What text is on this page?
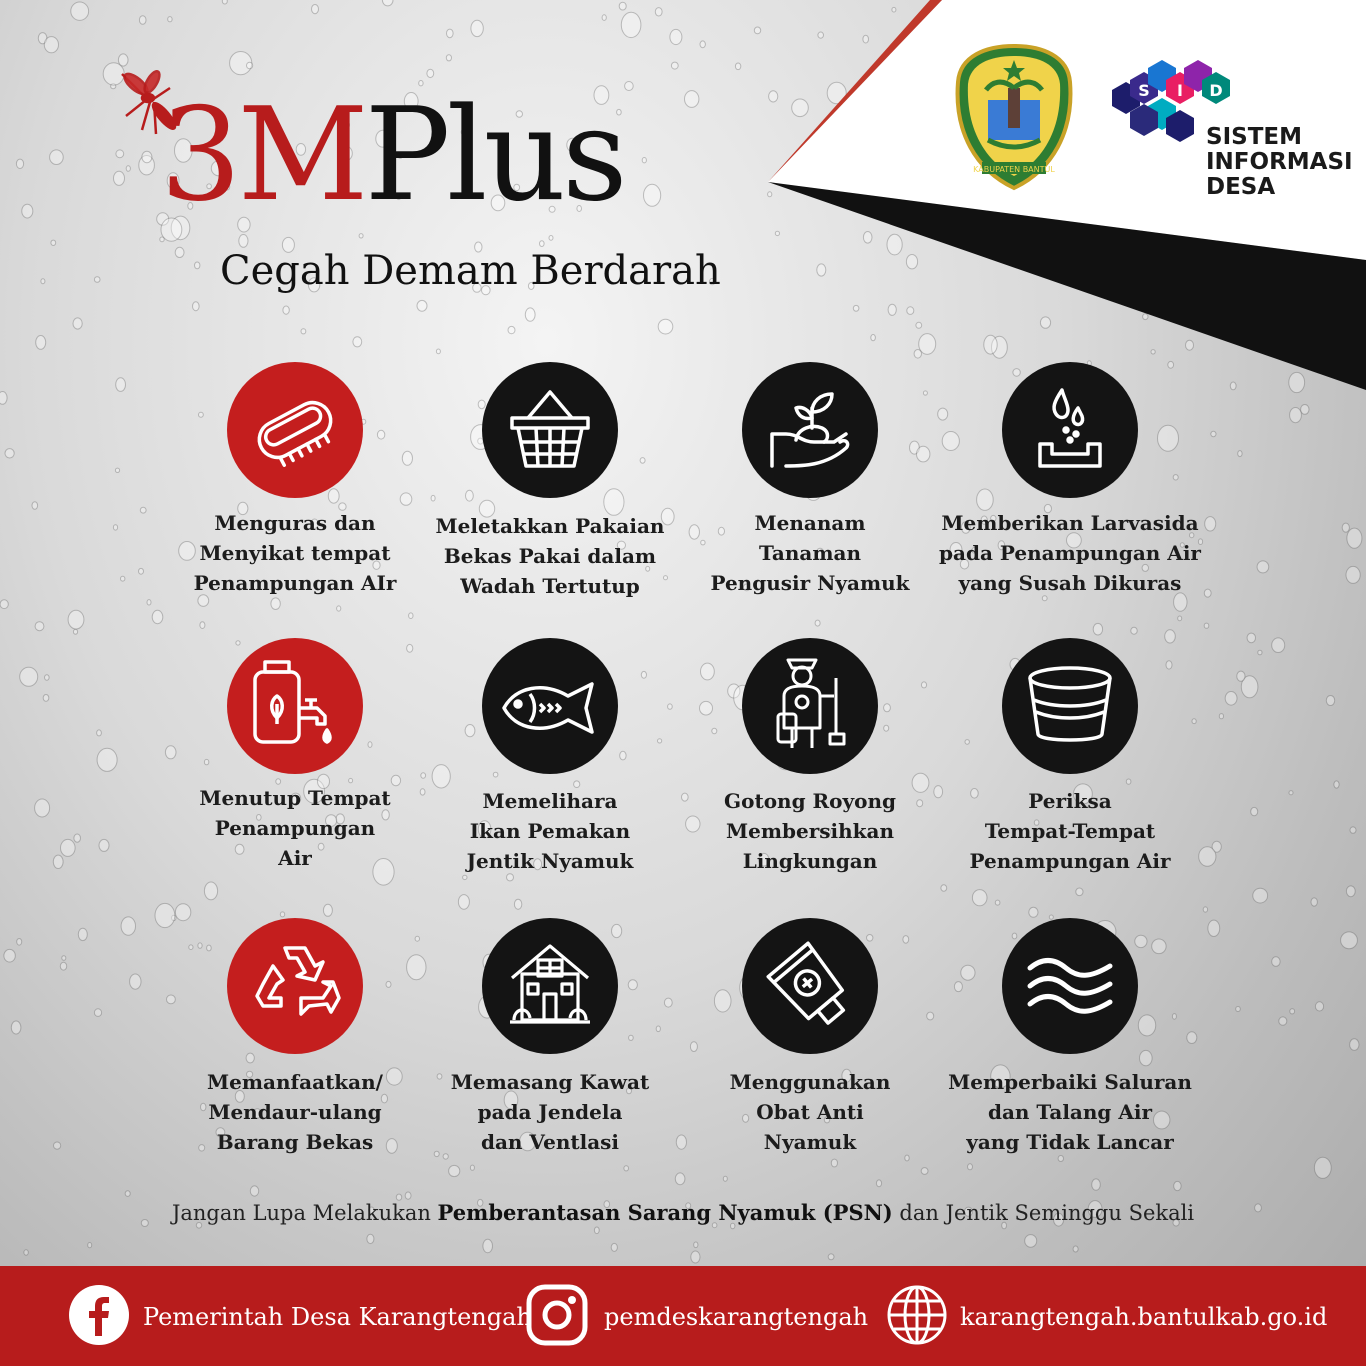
3MPlus
Cegah Demam Berdarah
KABUPATEN BANTUL
S I D
SISTEM
INFORMASI
DESA
Menguras dan
Menyikat tempat
Penampungan AIr
Meletakkan Pakaian
Bekas Pakai dalam
Wadah Tertutup
Menanam
Tanaman
Pengusir Nyamuk
Memberikan Larvasida
pada Penampungan Air
yang Susah Dikuras
Menutup Tempat
Penampungan
Air
Memelihara
Ikan Pemakan
Jentik Nyamuk
Gotong Royong
Membersihkan
Lingkungan
Periksa
Tempat-Tempat
Penampungan Air
Memanfaatkan/
Mendaur-ulang
Barang Bekas
Memasang Kawat
pada Jendela
dan Ventlasi
Menggunakan
Obat Anti
Nyamuk
Memperbaiki Saluran
dan Talang Air
yang Tidak Lancar
Jangan Lupa Melakukan Pemberantasan Sarang Nyamuk (PSN) dan Jentik Seminggu Sekali
Pemerintah Desa Karangtengah	pemdeskarangtengah	karangtengah.bantulkab.go.id
